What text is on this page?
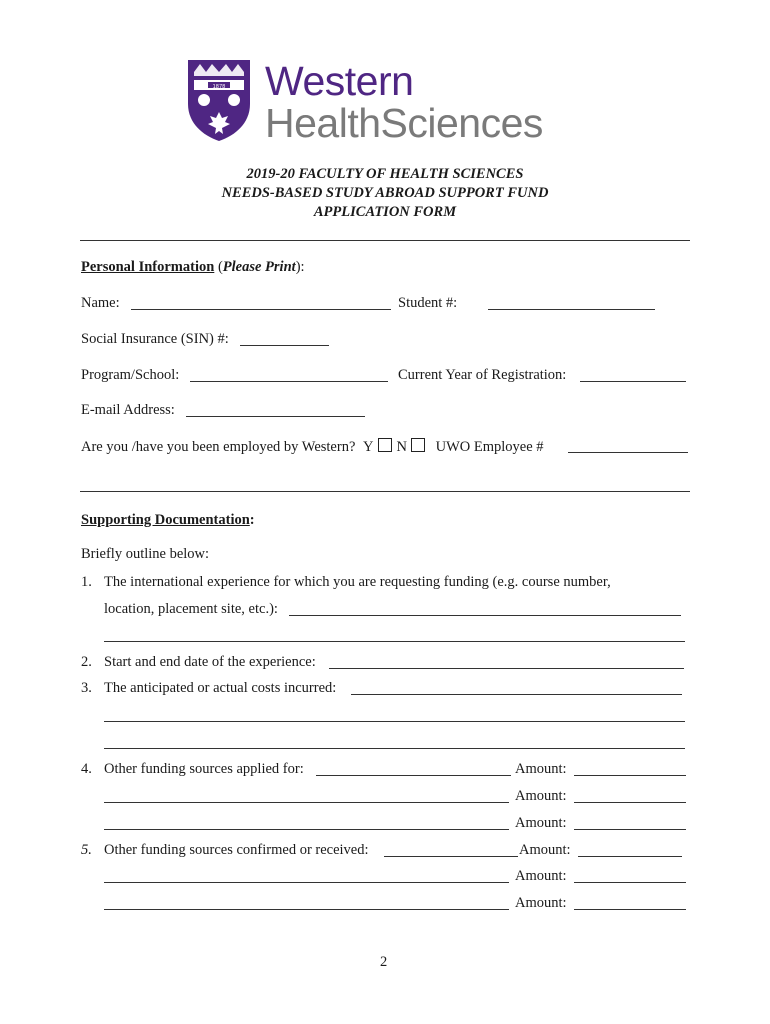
1878 Western
HealthSciences
2019-20 FACULTY OF HEALTH SCIENCES
NEEDS-BASED STUDY ABROAD SUPPORT FUND
APPLICATION FORM
Personal Information (Please Print):
Name:	Student #:
Social Insurance (SIN) #:
Program/School:	Current Year of Registration:
E-mail Address:
Are you /have you been employed by Western? Y N UWO Employee #
Supporting Documentation:
Briefly outline below:
1. The international experience for which you are requesting funding (e.g. course number,
location, placement site, etc.):
2. Start and end date of the experience:
3. The anticipated or actual costs incurred:
4. Other funding sources applied for:	Amount:
Amount:
Amount:
5. Other funding sources confirmed or received:	Amount:
Amount:
Amount:
2
